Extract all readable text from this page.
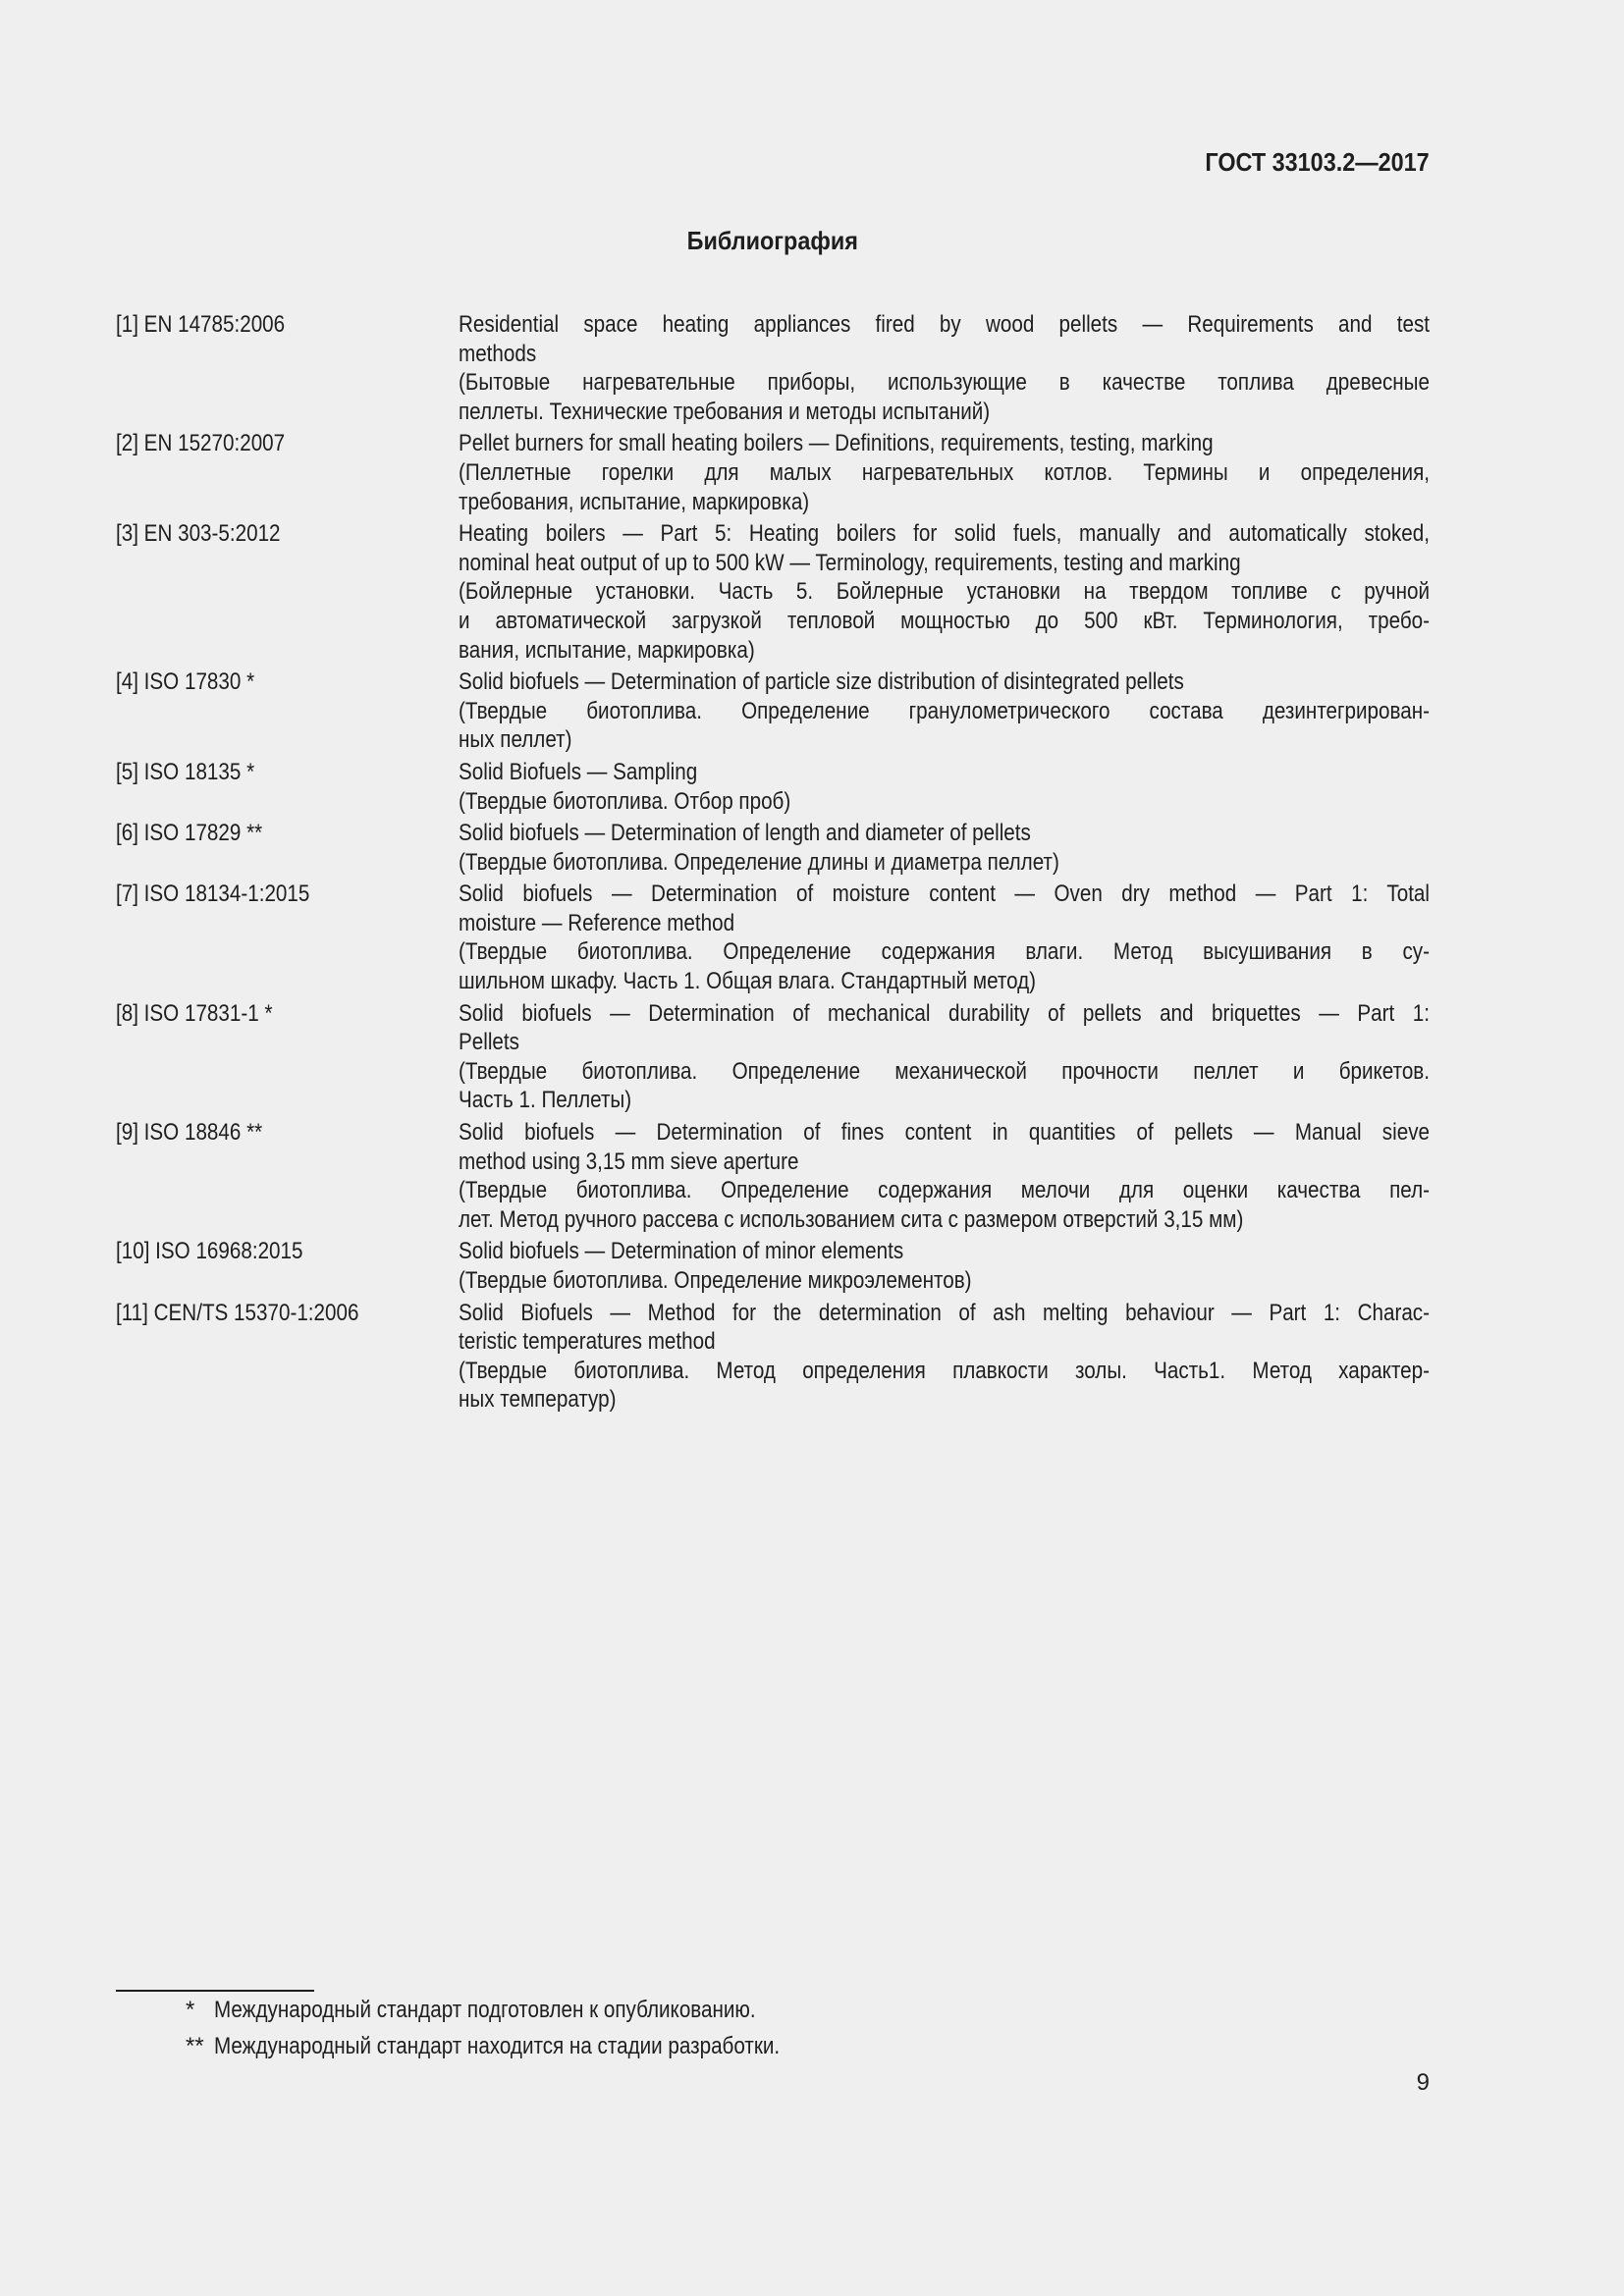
ГОСТ 33103.2—2017
Библиография
[1] EN 14785:2006	Residential space heating appliances fired by wood pellets — Requirements and test
methods
(Бытовые нагревательные приборы, использующие в качестве топлива древесные
пеллеты. Технические требования и методы испытаний)
[2] EN 15270:2007	Pellet burners for small heating boilers — Definitions, requirements, testing, marking
(Пеллетные горелки для малых нагревательных котлов. Термины и определения,
требования, испытание, маркировка)
[3] EN 303-5:2012	Heating boilers — Part 5: Heating boilers for solid fuels, manually and automatically stoked,
nominal heat output of up to 500 kW — Terminology, requirements, testing and marking
(Бойлерные установки. Часть 5. Бойлерные установки на твердом топливе с ручной
и автоматической загрузкой тепловой мощностью до 500 кВт. Терминология, требо-
вания, испытание, маркировка)
[4] ISO 17830 *	Solid biofuels — Determination of particle size distribution of disintegrated pellets
(Твердые биотоплива. Определение гранулометрического состава дезинтегрирован-
ных пеллет)
[5] ISO 18135 *	Solid Biofuels — Sampling
(Твердые биотоплива. Отбор проб)
[6] ISO 17829 **	Solid biofuels — Determination of length and diameter of pellets
(Твердые биотоплива. Определение длины и диаметра пеллет)
[7] ISO 18134-1:2015	Solid biofuels — Determination of moisture content — Oven dry method — Part 1: Total
moisture — Reference method
(Твердые биотоплива. Определение содержания влаги. Метод высушивания в су-
шильном шкафу. Часть 1. Общая влага. Стандартный метод)
[8] ISO 17831-1 *	Solid biofuels — Determination of mechanical durability of pellets and briquettes — Part 1:
Pellets
(Твердые биотоплива. Определение механической прочности пеллет и брикетов.
Часть 1. Пеллеты)
[9] ISO 18846 **	Solid biofuels — Determination of fines content in quantities of pellets — Manual sieve
method using 3,15 mm sieve aperture
(Твердые биотоплива. Определение содержания мелочи для оценки качества пел-
лет. Метод ручного рассева с использованием сита с размером отверстий 3,15 мм)
[10] ISO 16968:2015	Solid biofuels — Determination of minor elements
(Твердые биотоплива. Определение микроэлементов)
[11] CEN/TS 15370-1:2006	Solid Biofuels — Method for the determination of ash melting behaviour — Part 1: Charac-
teristic temperatures method
(Твердые биотоплива. Метод определения плавкости золы. Часть1. Метод характер-
ных температур)
* Международный стандарт подготовлен к опубликованию.
** Международный стандарт находится на стадии разработки.
9
